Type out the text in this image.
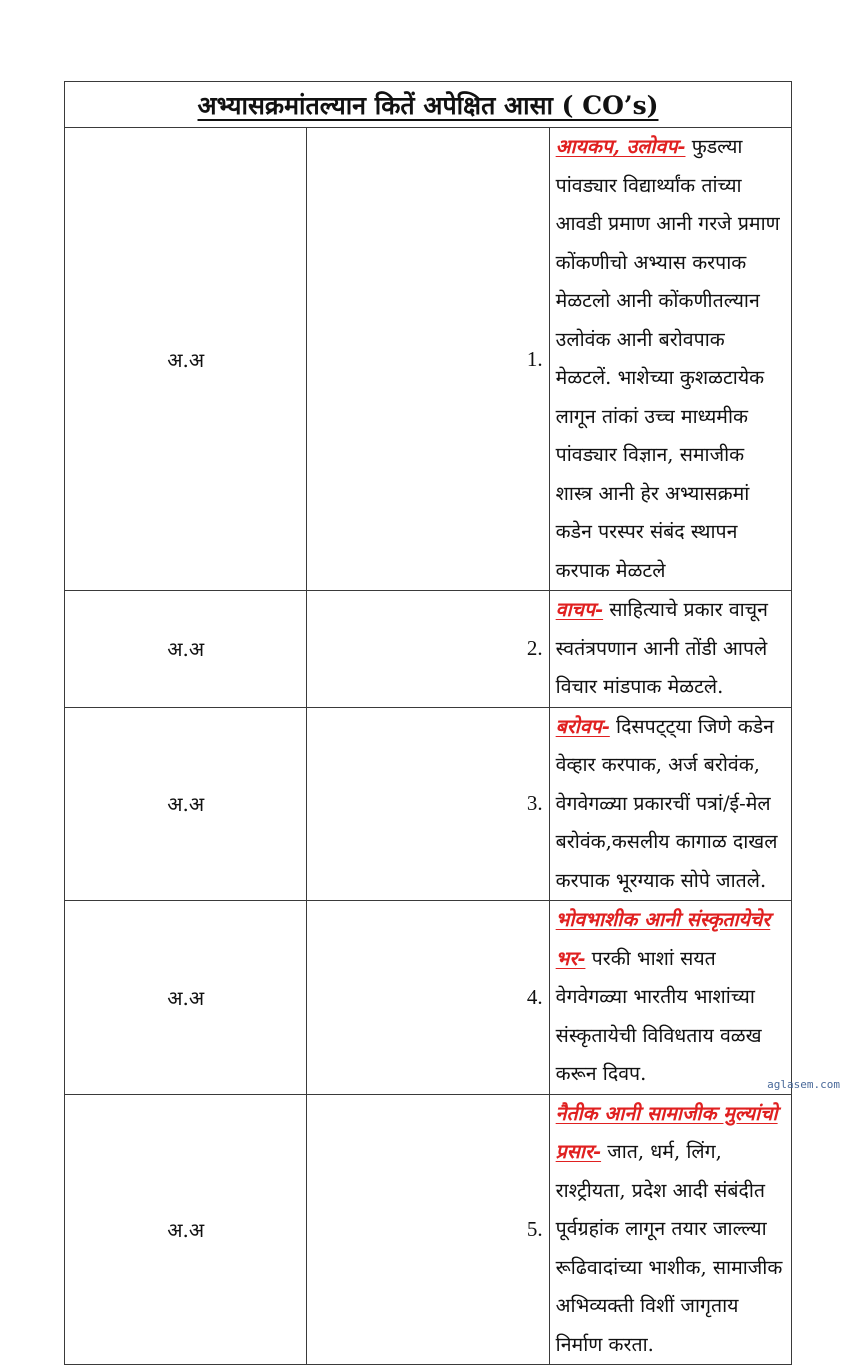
अभ्यासक्रमांतल्यान कितें अपेक्षित आसा ( CO’s)		
अ.अ	1.	आयकप, उलोवप- फुडल्या पांवड्यार विद्यार्थ्यांक तांच्या आवडी प्रमाण आनी गरजे प्रमाण कोंकणीचो अभ्यास करपाक मेळटलो आनी कोंकणीतल्यान उलोवंक आनी बरोवपाक मेळटलें. भाशेच्या कुशळटायेक लागून तांकां उच्च माध्यमीक पांवड्यार विज्ञान, समाजीक शास्त्र आनी हेर अभ्यासक्रमां कडेन परस्पर संबंद स्थापन करपाक मेळटले
अ.अ	2.	वाचप- साहित्याचे प्रकार वाचून स्वतंत्रपणान आनी तोंडी आपले विचार मांडपाक मेळटले.
अ.अ	3.	बरोवप- दिसपट्ट्या जिणे कडेन वेव्हार करपाक, अर्ज बरोवंक, वेगवेगळ्या प्रकारचीं पत्रां/ई-मेल बरोवंक,कसलीय कागाळ दाखल करपाक भूरग्याक सोपे जातले.
अ.अ	4.	भोवभाशीक आनी संस्कृतायेचेर भर- परकी भाशां सयत वेगवेगळ्या भारतीय भाशांच्या संस्कृतायेची विविधताय वळख करून दिवप.
अ.अ	5.	नैतीक आनी सामाजीक मुल्यांचो प्रसार- जात, धर्म, लिंग, राश्ट्रीयता, प्रदेश आदी संबंदीत पूर्वग्रहांक लागून तयार जाल्ल्या रूढिवादांच्या भाशीक, सामाजीक अभिव्यक्ती विशीं जागृताय निर्माण करता.
aglasem.com
